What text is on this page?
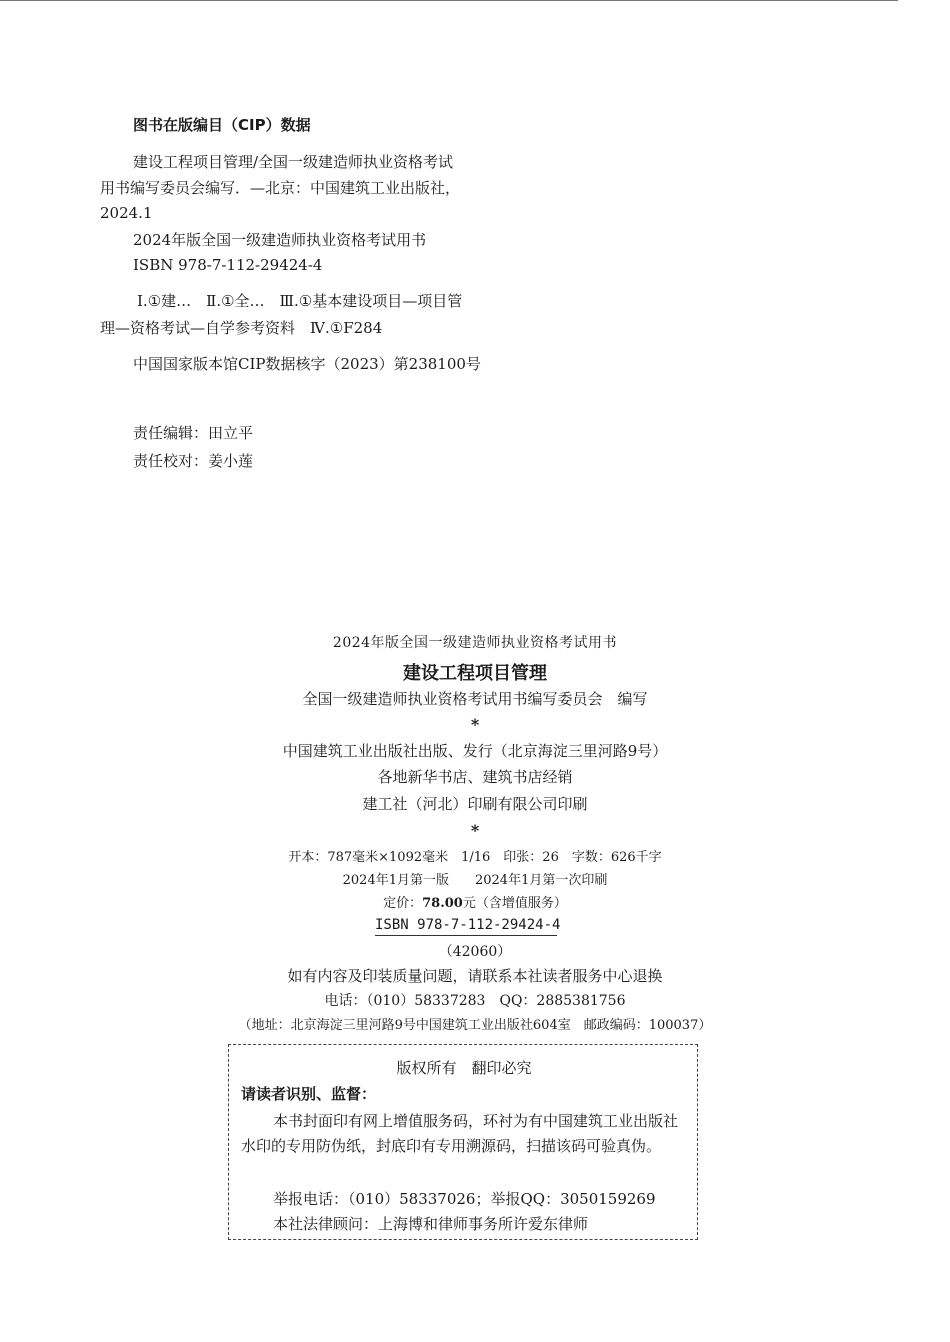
图书在版编目（CIP）数据
建设工程项目管理/全国一级建造师执业资格考试
用书编写委员会编写．—北京：中国建筑工业出版社，
2024.1
2024年版全国一级建造师执业资格考试用书
ISBN 978-7-112-29424-4
Ⅰ.①建…　Ⅱ.①全…　Ⅲ.①基本建设项目—项目管
理—资格考试—自学参考资料　Ⅳ.①F284
中国国家版本馆CIP数据核字（2023）第238100号
责任编辑：田立平
责任校对：姜小莲
2024年版全国一级建造师执业资格考试用书
建设工程项目管理
全国一级建造师执业资格考试用书编写委员会　编写
*
中国建筑工业出版社出版、发行（北京海淀三里河路9号）
各地新华书店、建筑书店经销
建工社（河北）印刷有限公司印刷
*
开本：787毫米×1092毫米　1/16　印张：26　字数：626千字
2024年1月第一版　　2024年1月第一次印刷
定价：78.00元（含增值服务）
ISBN 978-7-112-29424-4
（42060）
如有内容及印装质量问题，请联系本社读者服务中心退换
电话：（010）58337283　QQ：2885381756
（地址：北京海淀三里河路9号中国建筑工业出版社604室　邮政编码：100037）
版权所有　翻印必究
请读者识别、监督：
本书封面印有网上增值服务码，环衬为有中国建筑工业出版社水印的专用防伪纸，封底印有专用溯源码，扫描该码可验真伪。
举报电话：（010）58337026；举报QQ：3050159269
本社法律顾问：上海博和律师事务所许爱东律师
